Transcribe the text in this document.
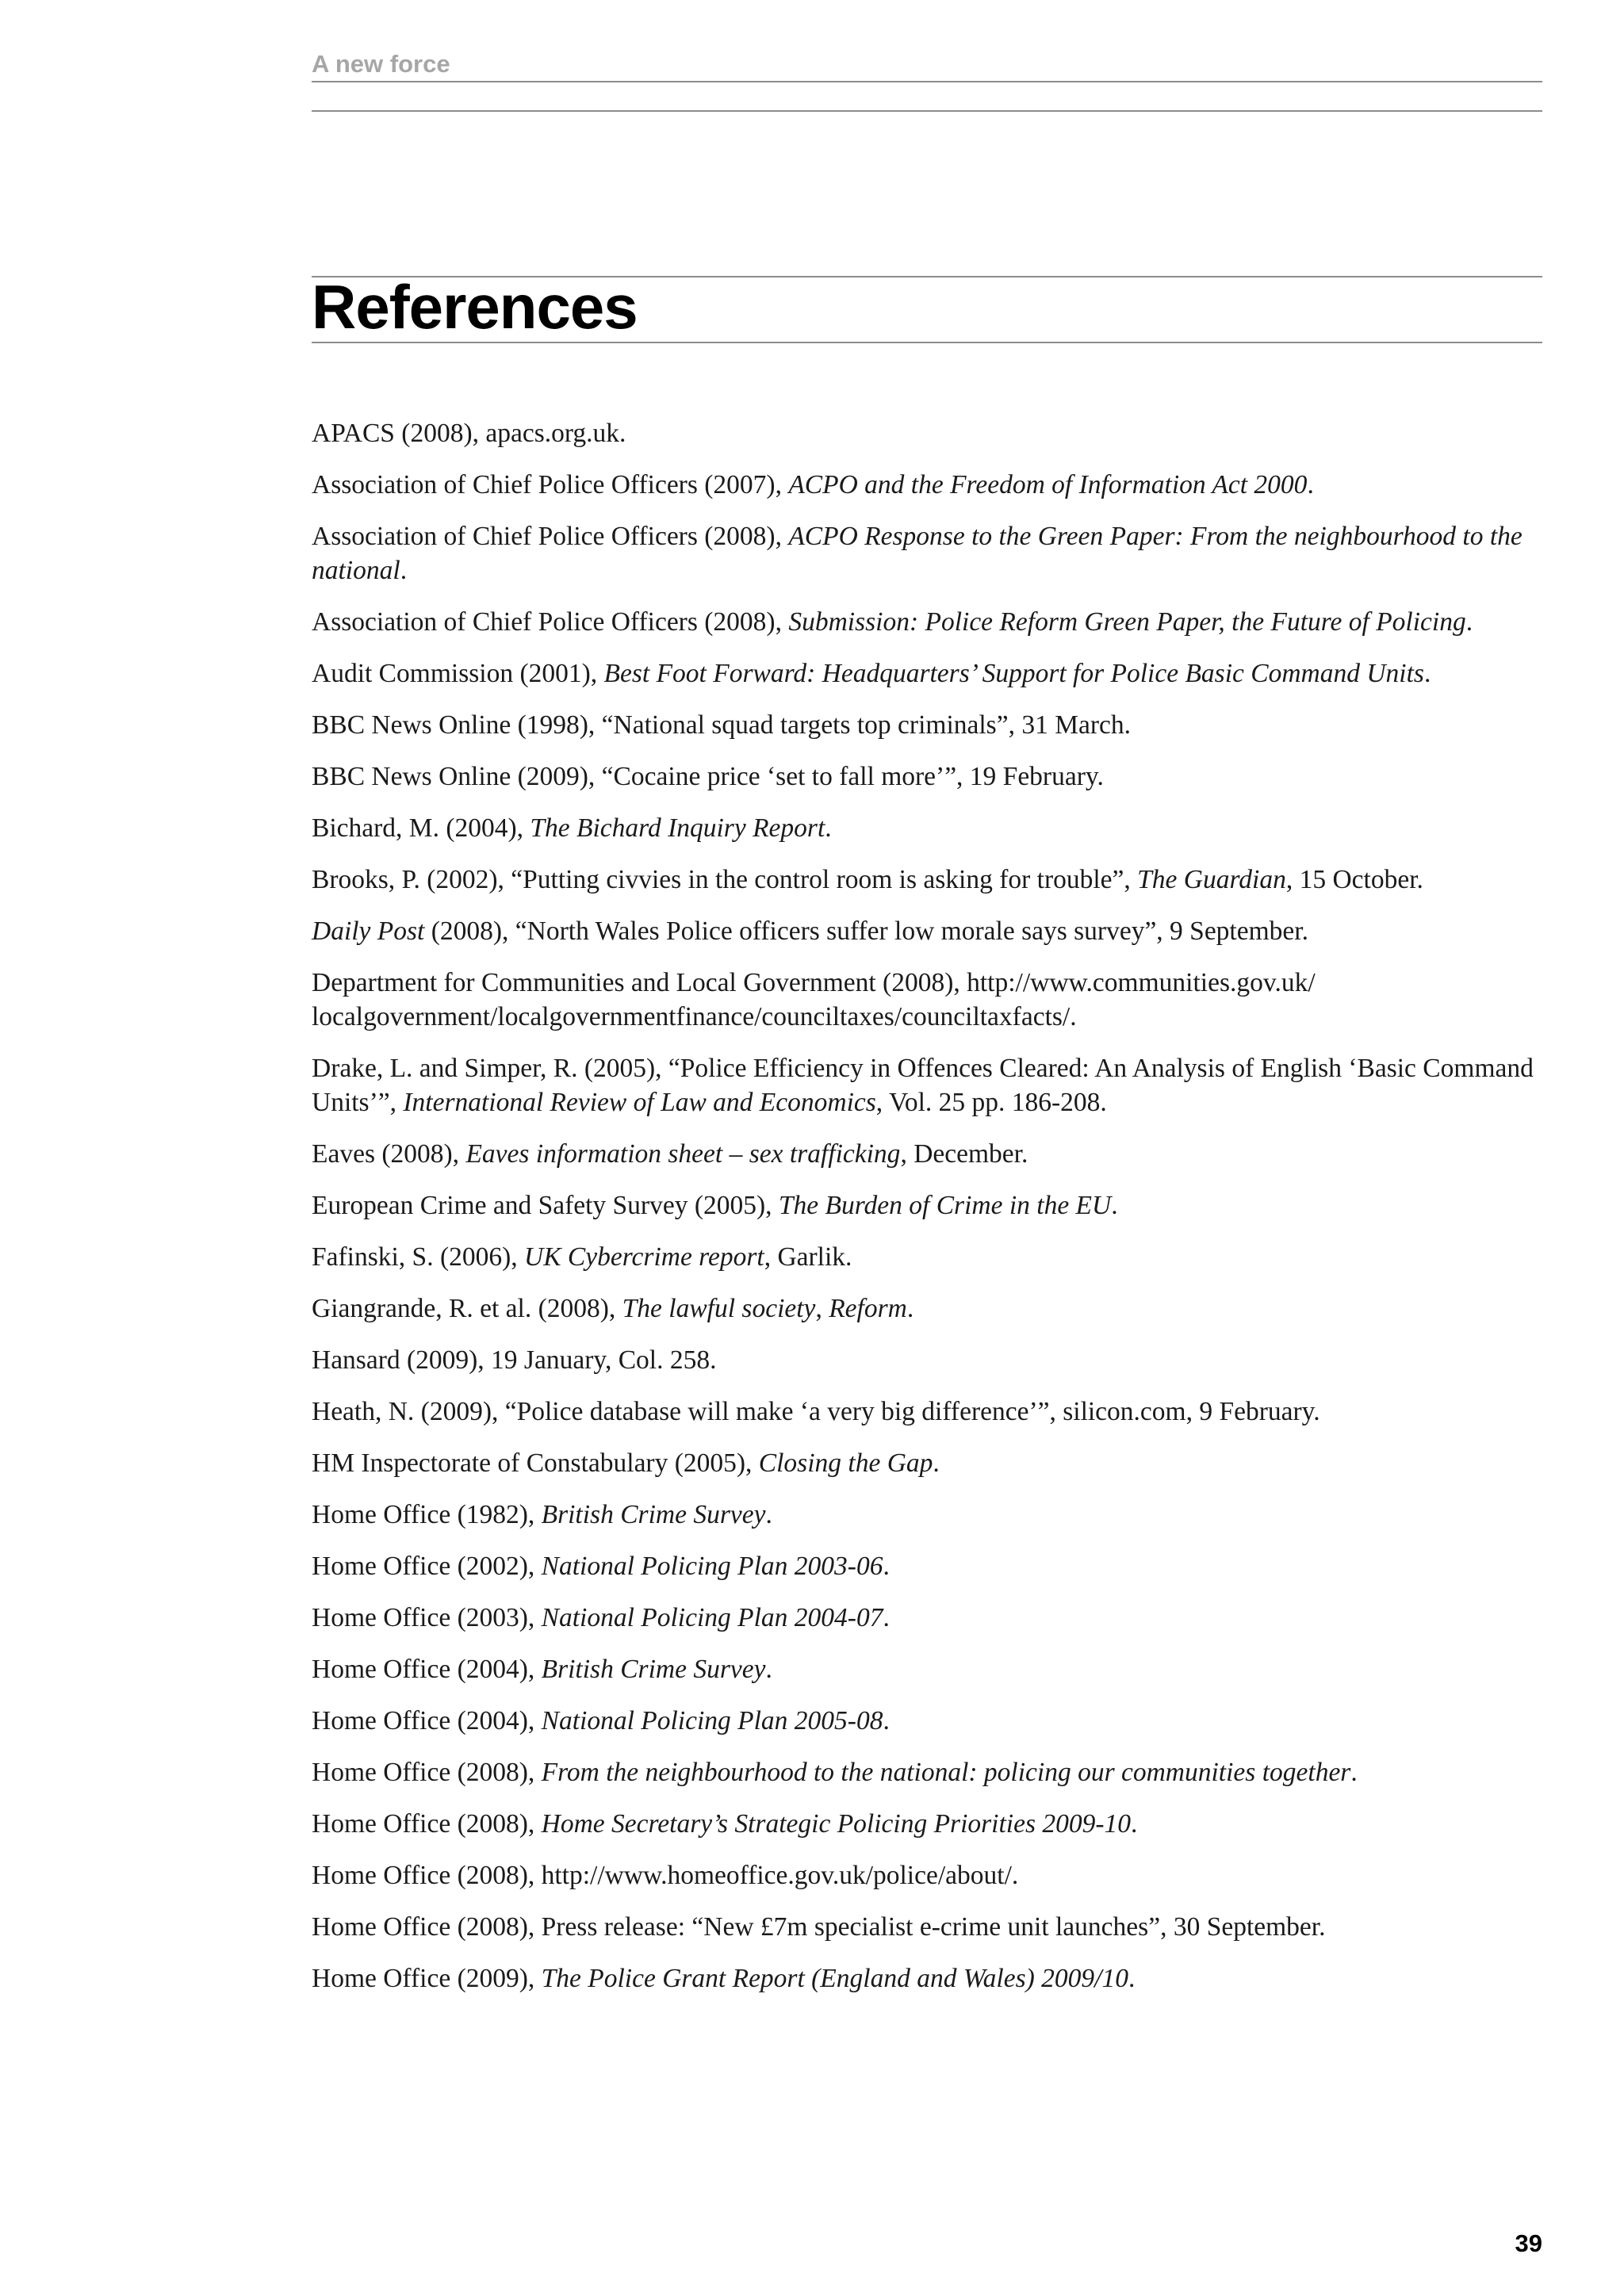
A new force
References
APACS (2008), apacs.org.uk.
Association of Chief Police Officers (2007), ACPO and the Freedom of Information Act 2000.
Association of Chief Police Officers (2008), ACPO Response to the Green Paper: From the neighbourhood to the national.
Association of Chief Police Officers (2008), Submission: Police Reform Green Paper, the Future of Policing.
Audit Commission (2001), Best Foot Forward: Headquarters’ Support for Police Basic Command Units.
BBC News Online (1998), “National squad targets top criminals”, 31 March.
BBC News Online (2009), “Cocaine price ‘set to fall more’”, 19 February.
Bichard, M. (2004), The Bichard Inquiry Report.
Brooks, P. (2002), “Putting civvies in the control room is asking for trouble”, The Guardian, 15 October.
Daily Post (2008), “North Wales Police officers suffer low morale says survey”, 9 September.
Department for Communities and Local Government (2008), http://www.communities.gov.uk/ localgovernment/localgovernmentfinance/counciltaxes/counciltaxfacts/.
Drake, L. and Simper, R. (2005), “Police Efficiency in Offences Cleared: An Analysis of English ‘Basic Command Units’”, International Review of Law and Economics, Vol. 25 pp. 186-208.
Eaves (2008), Eaves information sheet – sex trafficking, December.
European Crime and Safety Survey (2005), The Burden of Crime in the EU.
Fafinski, S. (2006), UK Cybercrime report, Garlik.
Giangrande, R. et al. (2008), The lawful society, Reform.
Hansard (2009), 19 January, Col. 258.
Heath, N. (2009), “Police database will make ‘a very big difference’”, silicon.com, 9 February.
HM Inspectorate of Constabulary (2005), Closing the Gap.
Home Office (1982), British Crime Survey.
Home Office (2002), National Policing Plan 2003-06.
Home Office (2003), National Policing Plan 2004-07.
Home Office (2004), British Crime Survey.
Home Office (2004), National Policing Plan 2005-08.
Home Office (2008), From the neighbourhood to the national: policing our communities together.
Home Office (2008), Home Secretary’s Strategic Policing Priorities 2009-10.
Home Office (2008), http://www.homeoffice.gov.uk/police/about/.
Home Office (2008), Press release: “New £7m specialist e-crime unit launches”, 30 September.
Home Office (2009), The Police Grant Report (England and Wales) 2009/10.
39
